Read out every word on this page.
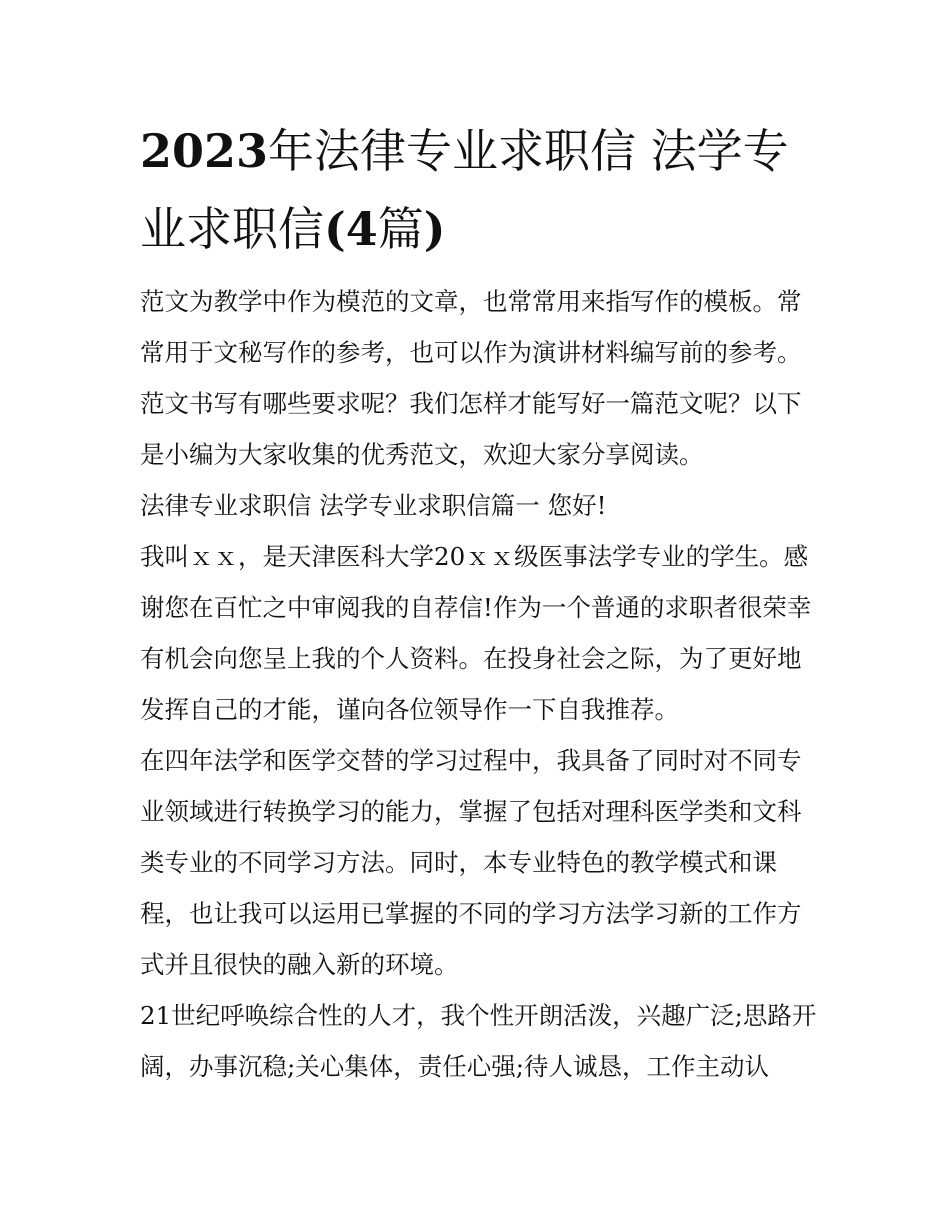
2023年法律专业求职信 法学专业求职信(4篇)

范文为教学中作为模范的文章，也常常用来指写作的模板。常常用于文秘写作的参考，也可以作为演讲材料编写前的参考。范文书写有哪些要求呢？我们怎样才能写好一篇范文呢？以下是小编为大家收集的优秀范文，欢迎大家分享阅读。

法律专业求职信 法学专业求职信篇一 您好!

我叫ｘｘ，是天津医科大学20ｘｘ级医事法学专业的学生。感谢您在百忙之中审阅我的自荐信!作为一个普通的求职者很荣幸有机会向您呈上我的个人资料。在投身社会之际，为了更好地发挥自己的才能，谨向各位领导作一下自我推荐。

在四年法学和医学交替的学习过程中，我具备了同时对不同专业领域进行转换学习的能力，掌握了包括对理科医学类和文科类专业的不同学习方法。同时，本专业特色的教学模式和课程，也让我可以运用已掌握的不同的学习方法学习新的工作方式并且很快的融入新的环境。

21世纪呼唤综合性的人才，我个性开朗活泼，兴趣广泛;思路开阔，办事沉稳;关心集体，责任心强;待人诚恳，工作主动认
